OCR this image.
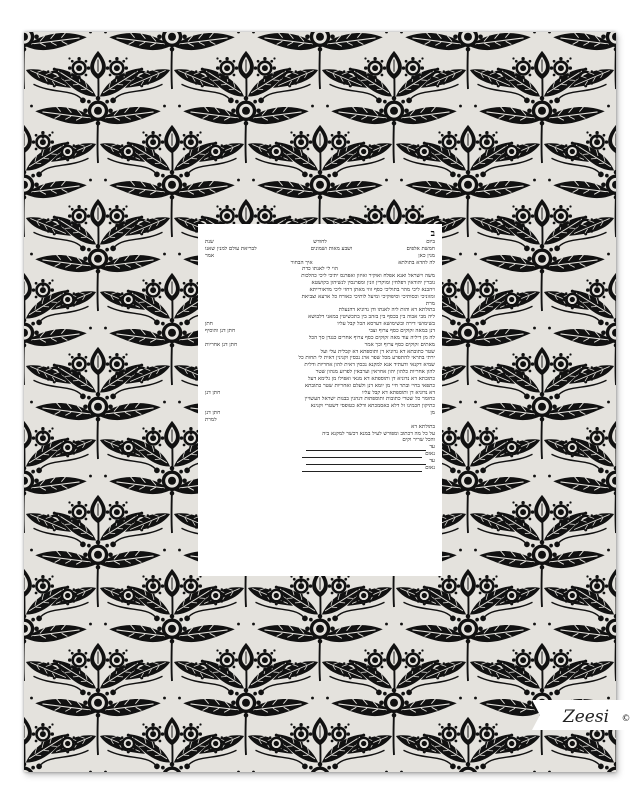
ב
ביום
לחודש
שנת
חמשת אלפים
ושבע מאות ושמונים
לבריאת עולם למנין שאנו
מנין כאן
אמר
לה להדא בתולתא
איך הבחור
הוי לי לאנתו כדת
משה וישראל ואנא אפלח ואוקיר ואיזון ואפרנס יתיכי ליכי כהלכות
גוברין יהודאין דפלחין ומוקרין וזנין ומפרנסין לנשיהון בקושטא
ויהבנא ליכי מהר בתוליכי כסף זוזי מאתן דחזי ליכי מדאורייתא
ומזוניכי וכסותיכי וסיפוקיכי ומיעל לותיכי כאורח כל ארעא וצביאת
מרת
בתולתא דא והות ליה לאנתו ודן נדוניא דהנעלת
ליה מבי אבוה בין בכסף בין בזהב בין בתכשיטין במאני דלבושא
בשימושי דירה ובשימושא דערסא הכל קבל עליו
חתן
דנן במאה זקוקים כסף צרוף וצבי
חתן דנן והוסיף
לה מן דיליה עוד מאה זקוקים כסף צרוף אחרים כנגדן סך הכל
מאתים זקוקים כסף צרוף וכך אמר
חתן דנן אחריות
שטר כתובתא דא נדוניא דן ותוספתא דא קבלית עלי ועל
ירתי בתראי להתפרע מכל שפר ארג נכסין וקנינין דאית לי תחות כל
שמיא דקנאי ודעתיד אנא למקנא נכסין דאית להון אחריות ודלית
להון אחריות כלהון יהון אחראין וערבאין לפרוע מנהון שטר
כתובתא דא נדוניא דן ותוספתא דא מנאי ואפילו מן גלימא דעל
כתפאי בחיי ובתר חיי מן יומא דנן ולעלם ואחריות שטר כתובתא
דא נדוניא דן ותוספתא דא קבל עליו
חתן דנן
כחומר כל שטרי כתובות ותוספתות דנהגין בבנות ישראל העשויין
כתיקון חכמינו זל דלא כאסמכתא ודלא כטופסי דשטרי וקנינא
מן
חתן דנן
למרת
בתולתא דא
על כל מה דכתוב ומפורש לעיל במנא דכשר למקנא ביה
והכל שריר וקים
עד
נאום
עד
נאום
Zeesi ©
